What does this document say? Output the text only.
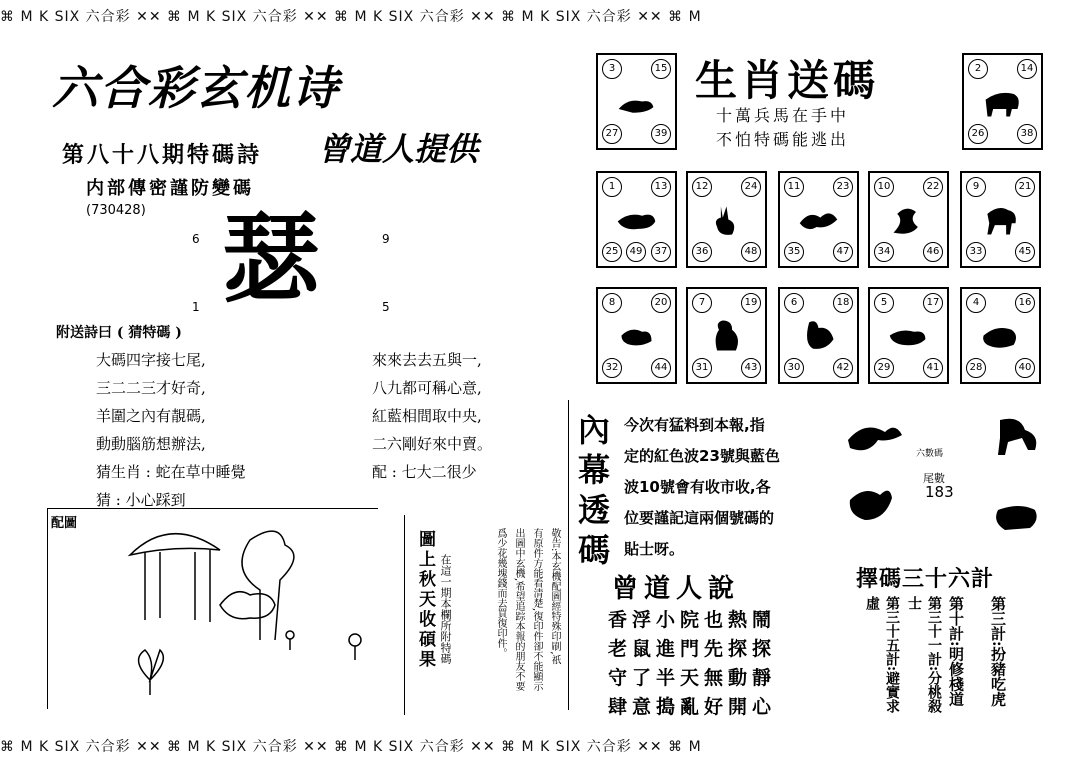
⌘ M K SIX 六合彩 ✕✕ ⌘ M K SIX 六合彩 ✕✕ ⌘ M K SIX 六合彩 ✕✕ ⌘ M K SIX 六合彩 ✕✕ ⌘ M
⌘ M K SIX 六合彩 ✕✕ ⌘ M K SIX 六合彩 ✕✕ ⌘ M K SIX 六合彩 ✕✕ ⌘ M K SIX 六合彩 ✕✕ ⌘ M
六合彩玄机诗
第八十八期特碼詩 曾道人提供
内部傳密謹防變碼
(730428)
6	9
1	5
瑟
附送詩曰 ( 猜特碼 )
大碼四字接七尾,
三二二三才好奇,
羊圍之內有靚碼,
動動腦筋想辦法,
猜生肖 : 蛇在草中睡覺
猜 : 小心踩到
來來去去五與一,
八九都可稱心意,
紅藍相間取中央,
二六剛好來中賣。
配 : 七大二很少
配圖
在這一期本欄所附特碼
圖上秋天收碩果	敬告:本玄機配圖經特殊印刷,祇
有原件方能看清楚,復印件卻不能顯示
出圖中玄機,希望追踪本報的朋友不要
爲少花幾塊錢而去買復印件。
生肖送碼
十萬兵馬在手中
不怕特碼能逃出
3	15
27	39
2	14
26	38
1	13
25	49	37
12	24
36	48
11	23
35	47
10	22
34	46
9	21
33	45
8	20
32	44
7	19
31	43
6	18
30	42
5	17
29	41
4	16
28	40
內幕透碼
今次有猛料到本報,指
定的紅色波23號與藍色
波10號會有收市收,各
位要謹記這兩個號碼的
貼士呀。
六數碼
尾數
183
曾道人說
香浮小院也熱鬧
老鼠進門先探探
守了半天無動靜
肆意搗亂好開心
擇碼三十六計
第三計:扮豬吃虎
第十計:明修棧道
第三十一計:分桃殺士
第三十五計:避實求虛
